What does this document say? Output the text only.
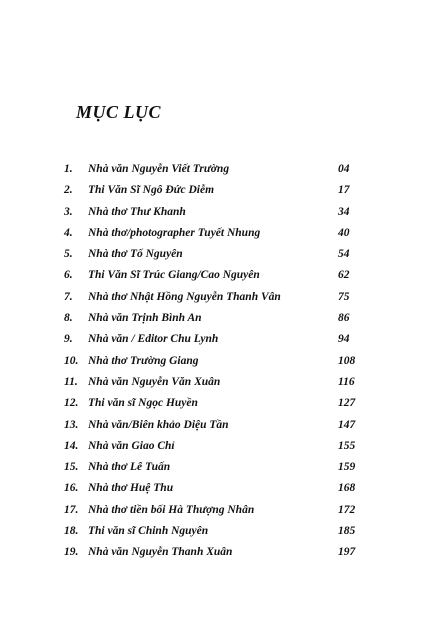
MỤC LỤC
1. Nhà văn Nguyễn Viết Trường	04
2. Thi Văn Sĩ Ngô Đức Diễm	17
3. Nhà thơ Thư Khanh	34
4. Nhà thơ/photographer Tuyết Nhung	40
5. Nhà thơ Tố Nguyên	54
6. Thi Văn Sĩ Trúc Giang/Cao Nguyên	62
7. Nhà thơ Nhật Hồng Nguyễn Thanh Vân	75
8. Nhà văn Trịnh Bình An	86
9. Nhà văn / Editor Chu Lynh	94
10. Nhà thơ Trường Giang	108
11. Nhà văn Nguyễn Văn Xuân	116
12. Thi văn sĩ Ngọc Huyền	127
13. Nhà văn/Biên khảo Diệu Tần	147
14. Nhà văn Giao Chỉ	155
15. Nhà thơ Lê Tuấn	159
16. Nhà thơ Huệ Thu	168
17. Nhà thơ tiền bối Hà Thượng Nhân	172
18. Thi văn sĩ Chinh Nguyên	185
19. Nhà văn Nguyễn Thanh Xuân	197
